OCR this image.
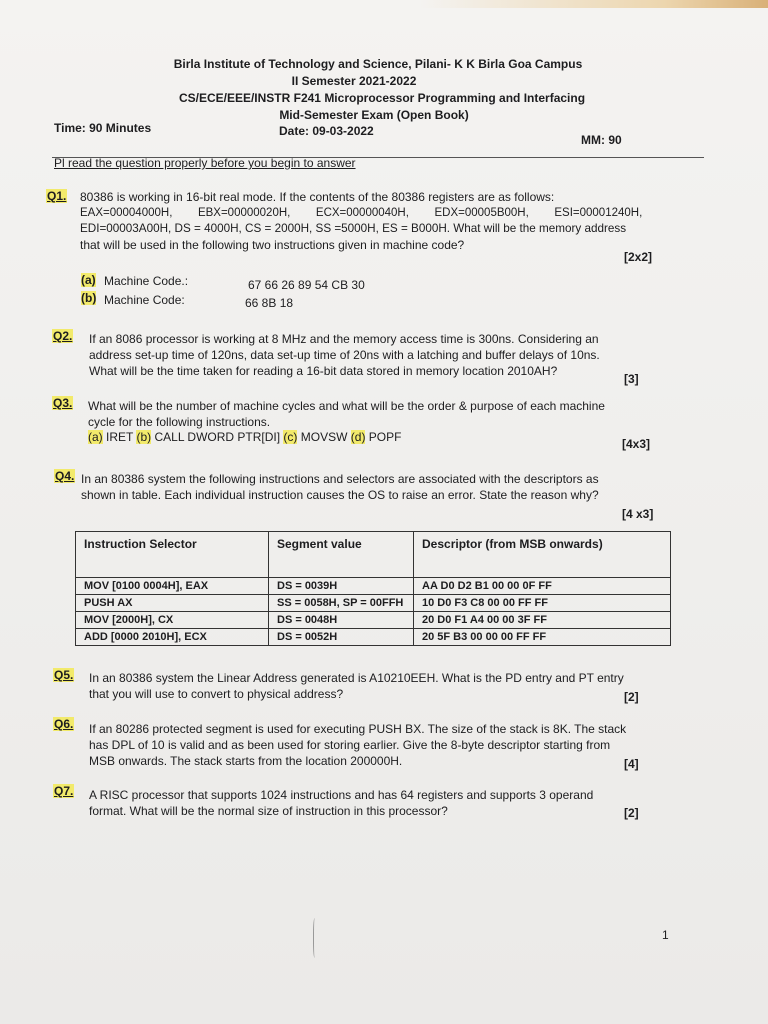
Birla Institute of Technology and Science, Pilani- K K Birla Goa Campus
II Semester 2021-2022
CS/ECE/EEE/INSTR F241 Microprocessor Programming and Interfacing
Mid-Semester Exam (Open Book)
Time: 90 Minutes	Date: 09-03-2022
MM: 90
Pl read the question properly before you begin to answer
Q1. 80386 is working in 16-bit real mode. If the contents of the 80386 registers are as follows:
EAX=00004000H,        EBX=00000020H,        ECX=00000040H,        EDX=00005B00H,        ESI=00001240H,
EDI=00003A00H, DS = 4000H, CS = 2000H, SS =5000H, ES = B000H. What will be the memory address
that will be used in the following two instructions given in machine code?
[2x2]
(a) Machine Code.:	67 66 26 89 54 CB 30
(b) Machine Code:	66 8B 18
Q2. If an 8086 processor is working at 8 MHz and the memory access time is 300ns. Considering an
address set-up time of 120ns, data set-up time of 20ns with a latching and buffer delays of 10ns.
What will be the time taken for reading a 16-bit data stored in memory location 2010AH?
[3]
Q3. What will be the number of machine cycles and what will be the order & purpose of each machine
cycle for the following instructions.
(a) IRET (b) CALL DWORD PTR[DI] (c) MOVSW (d) POPF	[4x3]
Q4. In an 80386 system the following instructions and selectors are associated with the descriptors as
shown in table. Each individual instruction causes the OS to raise an error. State the reason why?
[4 x3]
Instruction Selector	Segment value	Descriptor (from MSB onwards)
MOV [0100 0004H], EAX	DS = 0039H	AA D0 D2 B1 00 00 0F FF
PUSH AX	SS = 0058H, SP = 00FFH	10 D0 F3 C8 00 00 FF FF
MOV [2000H], CX	DS = 0048H	20 D0 F1 A4 00 00 3F FF
ADD [0000 2010H], ECX	DS = 0052H	20 5F B3 00 00 00 FF FF
Q5. In an 80386 system the Linear Address generated is A10210EEH. What is the PD entry and PT entry
that you will use to convert to physical address?	[2]
Q6. If an 80286 protected segment is used for executing PUSH BX. The size of the stack is 8K. The stack
has DPL of 10 is valid and as been used for storing earlier. Give the 8-byte descriptor starting from
MSB onwards. The stack starts from the location 200000H.	[4]
Q7. A RISC processor that supports 1024 instructions and has 64 registers and supports 3 operand
format. What will be the normal size of instruction in this processor?	[2]
1
